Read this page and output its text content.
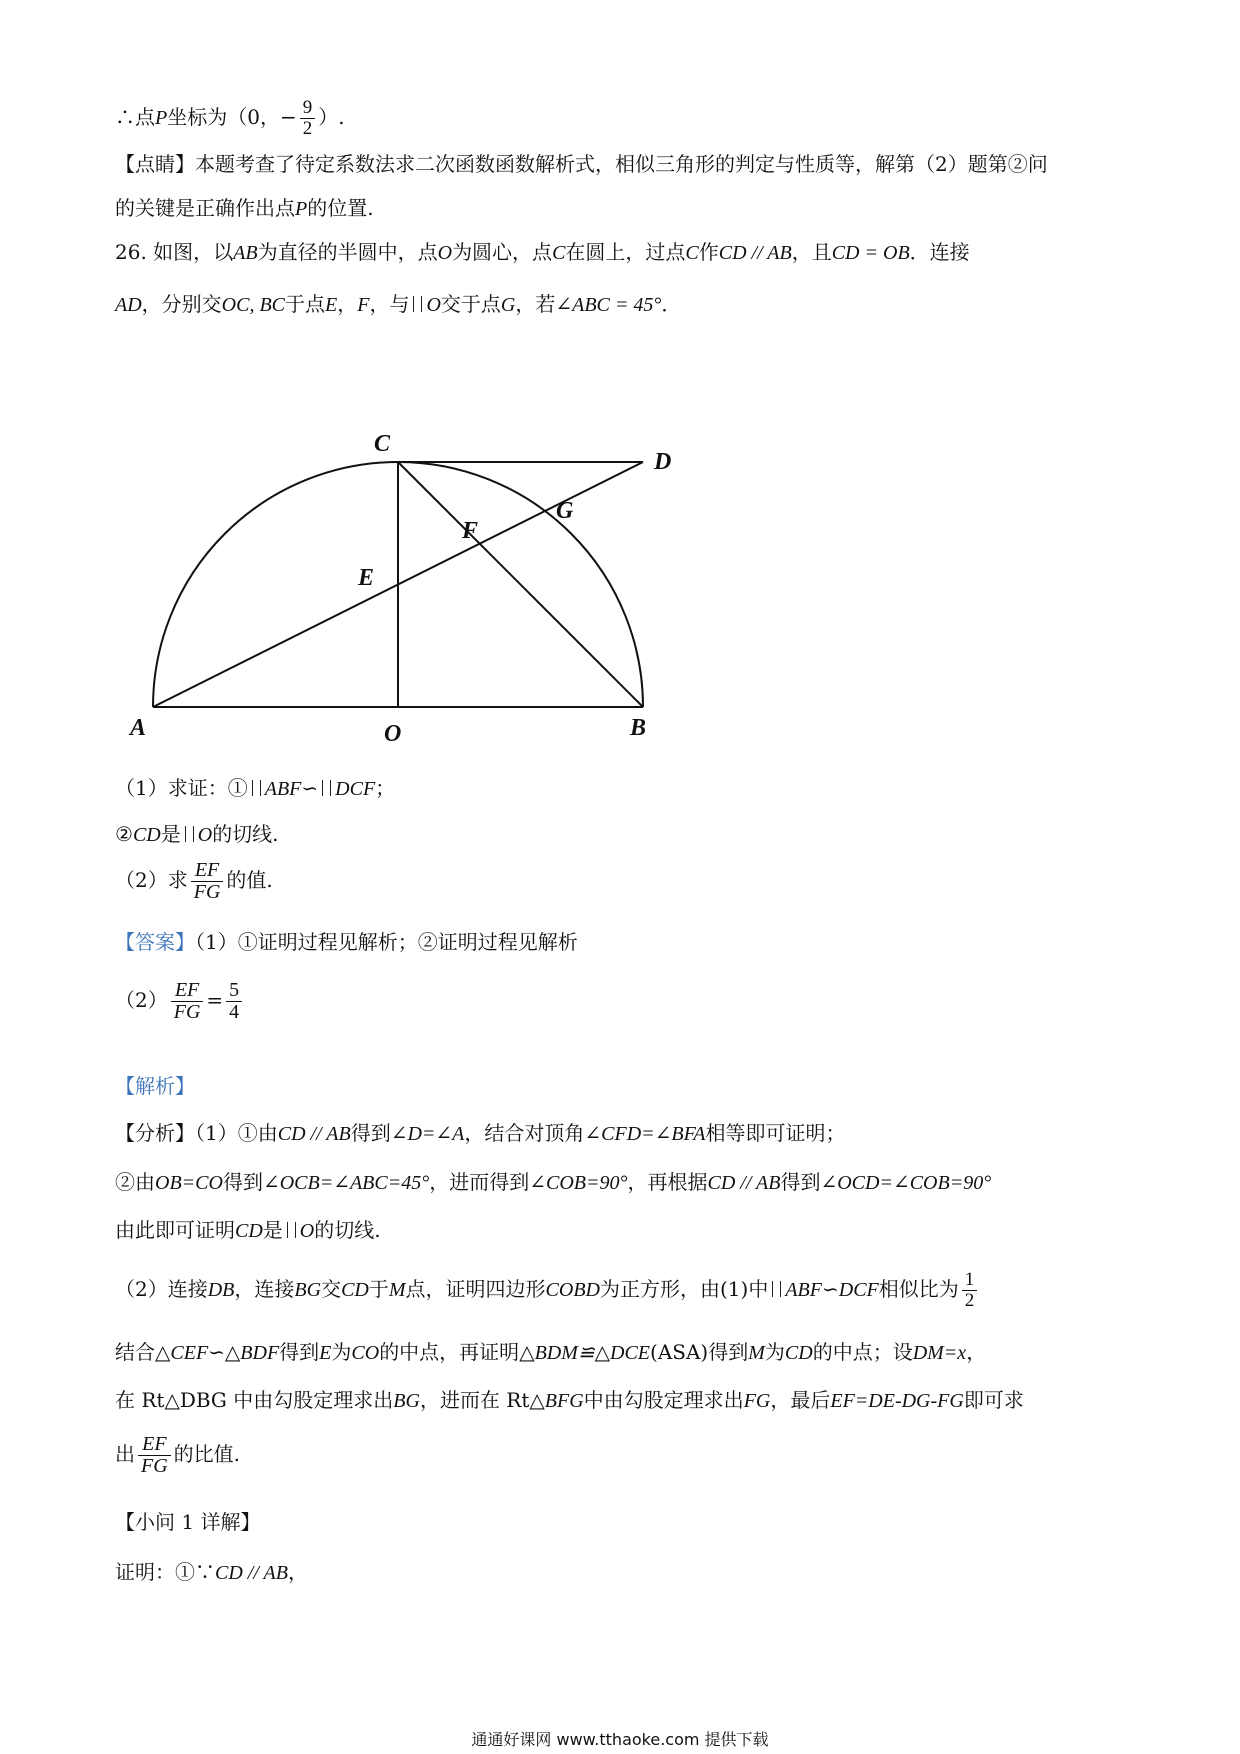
∴点P坐标为（0，− $\frac{9}{2}$ ）.
【点睛】本题考查了待定系数法求二次函数函数解析式，相似三角形的判定与性质等，解第（2）题第②问
的关键是正确作出点P的位置.
26. 如图，以AB为直径的半圆中，点O为圆心，点C在圆上，过点C作CD // AB，且CD = OB．连接
AD，分别交OC, BC于点E，F，与 O交于点G，若∠ABC = 45°．
C
D
G
F
E
A	O	B
（1）求证：① ABF∽ DCF；
②CD是 O的切线.
（2）求 $\frac{EF}{FG}$ 的值.
【答案】（1）①证明过程见解析；②证明过程见解析
$(2) \frac{EF}{FG} = \frac{5}{4}$
【解析】
【分析】（1）①由CD // AB得到∠D=∠A，结合对顶角∠CFD=∠BFA相等即可证明；
②由OB=CO得到∠OCB=∠ABC=45°，进而得到∠COB=90°，再根据CD // AB得到∠OCD=∠COB=90°
由此即可证明CD是 O的切线.
（2）连接DB，连接BG交CD于M点，证明四边形COBD为正方形，由(1)中 ABF∽DCF相似比为 $\frac{1}{2}$
结合△CEF∽△BDF得到E为CO的中点，再证明△BDM≌△DCE(ASA)得到M为CD的中点；设DM=x，
在 Rt△DBG 中由勾股定理求出BG，进而在 Rt△BFG中由勾股定理求出FG，最后EF=DE-DG-FG即可求
出 $\frac{EF}{FG}$ 的比值.
【小问 1 详解】
证明：①∵CD // AB，
通通好课网 www.tthaoke.com 提供下载
